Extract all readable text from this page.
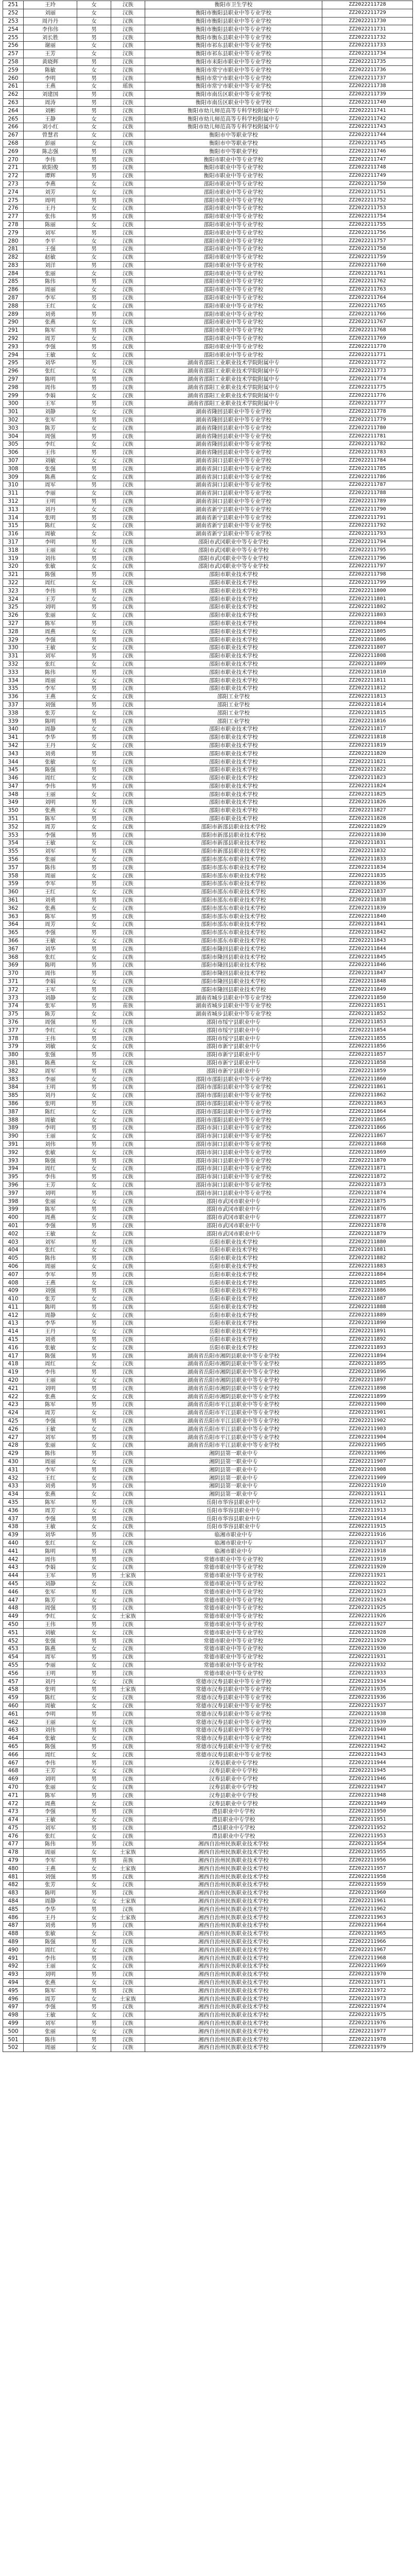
251	王玲	女	汉族	衡阳市卫生学校	ZZ2022211728
252	刘丽	女	汉族	衡阳市衡阳县职业中等专业学校	ZZ2022211729
253	周丹丹	女	汉族	衡阳市衡阳县职业中等专业学校	ZZ2022211730
254	李伟伟	男	汉族	衡阳市衡阳县职业中等专业学校	ZZ2022211731
255	刘长胜	男	汉族	衡阳市衡东县职业中等专业学校	ZZ2022211732
256	谢丽	女	汉族	衡阳市祁东县职业中等专业学校	ZZ2022211733
257	王芳	女	汉族	衡阳市祁东县职业中等专业学校	ZZ2022211734
258	黄晓辉	男	汉族	衡阳市耒阳市职业中等专业学校	ZZ2022211735
259	陈敏	女	汉族	衡阳市常宁市职业中等专业学校	ZZ2022211736
260	李明	男	汉族	衡阳市常宁市职业中等专业学校	ZZ2022211737
261	王燕	女	瑶族	衡阳市常宁市职业中等专业学校	ZZ2022211738
262	刘建国	男	汉族	衡阳市南岳区职业中等专业学校	ZZ2022211739
263	周涛	男	汉族	衡阳市南岳区职业中等专业学校	ZZ2022211740
264	刘彬	男	汉族	衡阳市幼儿师范高等专科学校附属中专	ZZ2022211741
265	王静	女	汉族	衡阳市幼儿师范高等专科学校附属中专	ZZ2022211742
266	刘小红	女	汉族	衡阳市幼儿师范高等专科学校附属中专	ZZ2022211743
267	曾慧君	女	汉族	衡阳市中等职业学校	ZZ2022211744
268	彭丽	女	汉族	衡阳市中等职业学校	ZZ2022211745
269	陈志强	男	汉族	衡阳市中等职业学校	ZZ2022211746
270	李伟	男	汉族	衡阳市职业中等专业学校	ZZ2022211747
271	欧阳俊	男	汉族	衡阳市职业中等专业学校	ZZ2022211748
272	谭辉	男	汉族	衡阳市职业中等专业学校	ZZ2022211749
273	李燕	女	汉族	邵阳市职业中等专业学校	ZZ2022211750
274	刘芳	女	汉族	邵阳市职业中等专业学校	ZZ2022211751
275	周明	男	汉族	邵阳市职业中等专业学校	ZZ2022211752
276	王丹	女	汉族	邵阳市职业中等专业学校	ZZ2022211753
277	张伟	男	汉族	邵阳市职业中等专业学校	ZZ2022211754
278	陈丽	女	汉族	邵阳市职业中等专业学校	ZZ2022211755
279	刘军	男	汉族	邵阳市职业中等专业学校	ZZ2022211756
280	李平	女	汉族	邵阳市职业中等专业学校	ZZ2022211757
281	王强	男	汉族	邵阳市职业中等专业学校	ZZ2022211758
282	赵敏	女	汉族	邵阳市职业中等专业学校	ZZ2022211759
283	刘洋	男	汉族	邵阳市职业中等专业学校	ZZ2022211760
284	张丽	女	汉族	邵阳市职业中等专业学校	ZZ2022211761
285	陈伟	男	汉族	邵阳市职业中等专业学校	ZZ2022211762
286	周丽	女	汉族	邵阳市职业中等专业学校	ZZ2022211763
287	李军	男	汉族	邵阳市职业中等专业学校	ZZ2022211764
288	王红	女	汉族	邵阳市职业中等专业学校	ZZ2022211765
289	刘勇	男	汉族	邵阳市职业中等专业学校	ZZ2022211766
290	张燕	女	汉族	邵阳市职业中等专业学校	ZZ2022211767
291	陈军	男	汉族	邵阳市职业中等专业学校	ZZ2022211768
292	周芳	女	汉族	邵阳市职业中等专业学校	ZZ2022211769
293	李强	男	汉族	邵阳市职业中等专业学校	ZZ2022211770
294	王敏	女	汉族	邵阳市职业中等专业学校	ZZ2022211771
295	刘华	男	汉族	湖南省邵阳工业职业技术学院附属中专	ZZ2022211772
296	张红	女	汉族	湖南省邵阳工业职业技术学院附属中专	ZZ2022211773
297	陈明	男	汉族	湖南省邵阳工业职业技术学院附属中专	ZZ2022211774
298	周伟	男	汉族	湖南省邵阳工业职业技术学院附属中专	ZZ2022211775
299	李娟	女	汉族	湖南省邵阳工业职业技术学院附属中专	ZZ2022211776
300	王军	男	汉族	湖南省邵阳工业职业技术学院附属中专	ZZ2022211777
301	刘静	女	汉族	湖南省隆回县职业中等专业学校	ZZ2022211778
302	张军	男	汉族	湖南省隆回县职业中等专业学校	ZZ2022211779
303	陈芳	女	汉族	湖南省隆回县职业中等专业学校	ZZ2022211780
304	周强	男	汉族	湖南省隆回县职业中等专业学校	ZZ2022211781
305	李红	女	汉族	湖南省隆回县职业中等专业学校	ZZ2022211782
306	王伟	男	汉族	湖南省隆回县职业中等专业学校	ZZ2022211783
307	刘敏	女	汉族	湖南省洞口县职业中等专业学校	ZZ2022211784
308	张强	男	汉族	湖南省洞口县职业中等专业学校	ZZ2022211785
309	陈燕	女	汉族	湖南省洞口县职业中等专业学校	ZZ2022211786
310	周军	男	汉族	湖南省洞口县职业中等专业学校	ZZ2022211787
311	李丽	女	汉族	湖南省洞口县职业中等专业学校	ZZ2022211788
312	王明	男	汉族	湖南省洞口县职业中等专业学校	ZZ2022211789
313	刘丹	女	汉族	湖南省新宁县职业中等专业学校	ZZ2022211790
314	张明	男	汉族	湖南省新宁县职业中等专业学校	ZZ2022211791
315	陈红	女	汉族	湖南省新宁县职业中等专业学校	ZZ2022211792
316	周敏	女	汉族	湖南省新宁县职业中等专业学校	ZZ2022211793
317	李明	男	汉族	邵阳市武冈职业中等专业学校	ZZ2022211794
318	王丽	女	汉族	邵阳市武冈职业中等专业学校	ZZ2022211795
319	刘伟	男	汉族	邵阳市武冈职业中等专业学校	ZZ2022211796
320	张敏	女	汉族	邵阳市武冈职业中等专业学校	ZZ2022211797
321	陈强	男	汉族	邵阳市职业技术学校	ZZ2022211798
322	周红	女	汉族	邵阳市职业技术学校	ZZ2022211799
323	李伟	男	汉族	邵阳市职业技术学校	ZZ2022211800
324	王芳	女	汉族	邵阳市职业技术学校	ZZ2022211801
325	刘明	男	汉族	邵阳市职业技术学校	ZZ2022211802
326	张丽	女	汉族	邵阳市职业技术学校	ZZ2022211803
327	陈军	男	汉族	邵阳市职业技术学校	ZZ2022211804
328	周燕	女	汉族	邵阳市职业技术学校	ZZ2022211805
329	李强	男	汉族	邵阳市职业技术学校	ZZ2022211806
330	王敏	女	汉族	邵阳市职业技术学校	ZZ2022211807
331	刘军	男	汉族	邵阳市职业技术学校	ZZ2022211808
332	张红	女	汉族	邵阳市职业技术学校	ZZ2022211809
333	陈伟	男	汉族	邵阳市职业技术学校	ZZ2022211810
334	周丽	女	汉族	邵阳市职业技术学校	ZZ2022211811
335	李军	男	汉族	邵阳市职业技术学校	ZZ2022211812
336	王燕	女	汉族	邵阳工业学校	ZZ2022211813
337	刘强	男	汉族	邵阳工业学校	ZZ2022211814
338	张芳	女	汉族	邵阳工业学校	ZZ2022211815
339	陈明	男	汉族	邵阳工业学校	ZZ2022211816
340	周静	女	汉族	邵阳市职业技术学校	ZZ2022211817
341	李华	男	汉族	邵阳市职业技术学校	ZZ2022211818
342	王丹	女	汉族	邵阳市职业技术学校	ZZ2022211819
343	刘勇	男	汉族	邵阳市职业技术学校	ZZ2022211820
344	张敏	女	汉族	邵阳市职业技术学校	ZZ2022211821
345	陈强	男	汉族	邵阳市职业技术学校	ZZ2022211822
346	周红	女	汉族	邵阳市职业技术学校	ZZ2022211823
347	李伟	男	汉族	邵阳市职业技术学校	ZZ2022211824
348	王丽	女	汉族	邵阳市职业技术学校	ZZ2022211825
349	刘明	男	汉族	邵阳市职业技术学校	ZZ2022211826
350	张燕	女	汉族	邵阳市职业技术学校	ZZ2022211827
351	陈军	男	汉族	邵阳市职业技术学校	ZZ2022211828
352	周芳	女	汉族	邵阳市新邵县职业技术学校	ZZ2022211829
353	李强	男	汉族	邵阳市新邵县职业技术学校	ZZ2022211830
354	王敏	女	汉族	邵阳市新邵县职业技术学校	ZZ2022211831
355	刘军	男	汉族	邵阳市新邵县职业技术学校	ZZ2022211832
356	张丽	女	汉族	邵阳市邵东市职业技术学校	ZZ2022211833
357	陈伟	男	汉族	邵阳市邵东市职业技术学校	ZZ2022211834
358	周丽	女	汉族	邵阳市邵东市职业技术学校	ZZ2022211835
359	李军	男	汉族	邵阳市邵东市职业技术学校	ZZ2022211836
360	王红	女	汉族	邵阳市邵东市职业技术学校	ZZ2022211837
361	刘勇	男	汉族	邵阳市邵东市职业技术学校	ZZ2022211838
362	张燕	女	汉族	邵阳市邵东市职业技术学校	ZZ2022211839
363	陈军	男	汉族	邵阳市邵东市职业技术学校	ZZ2022211840
364	周芳	女	汉族	邵阳市邵东市职业技术学校	ZZ2022211841
365	李强	男	汉族	邵阳市邵东市职业技术学校	ZZ2022211842
366	王敏	女	汉族	邵阳市邵东市职业技术学校	ZZ2022211843
367	刘华	男	汉族	邵阳市隆回县职业技术学校	ZZ2022211844
368	张红	女	汉族	邵阳市隆回县职业技术学校	ZZ2022211845
369	陈明	男	汉族	邵阳市隆回县职业技术学校	ZZ2022211846
370	周伟	男	汉族	邵阳市隆回县职业技术学校	ZZ2022211847
371	李娟	女	汉族	邵阳市隆回县职业技术学校	ZZ2022211848
372	王军	男	汉族	邵阳市隆回县职业技术学校	ZZ2022211849
373	刘静	女	汉族	湖南省城步县职业中等专业学校	ZZ2022211850
374	张军	男	苗族	湖南省城步县职业中等专业学校	ZZ2022211851
375	陈芳	女	汉族	湖南省城步县职业中等专业学校	ZZ2022211852
376	周强	男	汉族	邵阳市绥宁县职业中专	ZZ2022211853
377	李红	女	汉族	邵阳市绥宁县职业中专	ZZ2022211854
378	王伟	男	汉族	邵阳市绥宁县职业中专	ZZ2022211855
379	刘敏	女	汉族	邵阳市新宁县职业中专	ZZ2022211856
380	张强	男	汉族	邵阳市新宁县职业中专	ZZ2022211857
381	陈燕	女	汉族	邵阳市新宁县职业中专	ZZ2022211858
382	周军	男	汉族	邵阳市新宁县职业中专	ZZ2022211859
383	李丽	女	汉族	邵阳市邵阳县职业中等专业学校	ZZ2022211860
384	王明	男	汉族	邵阳市邵阳县职业中等专业学校	ZZ2022211861
385	刘丹	女	汉族	邵阳市邵阳县职业中等专业学校	ZZ2022211862
386	张明	男	汉族	邵阳市邵阳县职业中等专业学校	ZZ2022211863
387	陈红	女	汉族	邵阳市邵阳县职业中等专业学校	ZZ2022211864
388	周敏	女	汉族	邵阳市邵阳县职业中等专业学校	ZZ2022211865
389	李明	男	汉族	邵阳市洞口县职业中等专业学校	ZZ2022211866
390	王丽	女	汉族	邵阳市洞口县职业中等专业学校	ZZ2022211867
391	刘伟	男	汉族	邵阳市洞口县职业中等专业学校	ZZ2022211868
392	张敏	女	汉族	邵阳市洞口县职业中等专业学校	ZZ2022211869
393	陈强	男	汉族	邵阳市洞口县职业中等专业学校	ZZ2022211870
394	周红	女	汉族	邵阳市洞口县职业中等专业学校	ZZ2022211871
395	李伟	男	汉族	邵阳市洞口县职业中等专业学校	ZZ2022211872
396	王芳	女	汉族	邵阳市洞口县职业中等专业学校	ZZ2022211873
397	刘明	男	汉族	邵阳市洞口县职业中等专业学校	ZZ2022211874
398	张丽	女	汉族	邵阳市武冈市职业中专	ZZ2022211875
399	陈军	男	汉族	邵阳市武冈市职业中专	ZZ2022211876
400	周燕	女	汉族	邵阳市武冈市职业中专	ZZ2022211877
401	李强	男	汉族	邵阳市武冈市职业中专	ZZ2022211878
402	王敏	女	汉族	邵阳市武冈市职业中专	ZZ2022211879
403	刘军	男	汉族	岳阳市职业技术学校	ZZ2022211880
404	张红	女	汉族	岳阳市职业技术学校	ZZ2022211881
405	陈伟	男	汉族	岳阳市职业技术学校	ZZ2022211882
406	周丽	女	汉族	岳阳市职业技术学校	ZZ2022211883
407	李军	男	汉族	岳阳市职业技术学校	ZZ2022211884
408	王燕	女	汉族	岳阳市职业技术学校	ZZ2022211885
409	刘强	男	汉族	岳阳市职业技术学校	ZZ2022211886
410	张芳	女	汉族	岳阳市职业技术学校	ZZ2022211887
411	陈明	男	汉族	岳阳市职业技术学校	ZZ2022211888
412	周静	女	汉族	岳阳市职业技术学校	ZZ2022211889
413	李华	男	汉族	岳阳市职业技术学校	ZZ2022211890
414	王丹	女	汉族	岳阳市职业技术学校	ZZ2022211891
415	刘勇	男	汉族	岳阳市职业技术学校	ZZ2022211892
416	张敏	女	汉族	岳阳市职业技术学校	ZZ2022211893
417	陈强	男	汉族	湖南省岳阳市湘阴县职业中等专业学校	ZZ2022211894
418	周红	女	汉族	湖南省岳阳市湘阴县职业中等专业学校	ZZ2022211895
419	李伟	男	汉族	湖南省岳阳市湘阴县职业中等专业学校	ZZ2022211896
420	王丽	女	汉族	湖南省岳阳市湘阴县职业中等专业学校	ZZ2022211897
421	刘明	男	汉族	湖南省岳阳市湘阴县职业中等专业学校	ZZ2022211898
422	张燕	女	汉族	湖南省岳阳市湘阴县职业中等专业学校	ZZ2022211899
423	陈军	男	汉族	湖南省岳阳市平江县职业中等专业学校	ZZ2022211900
424	周芳	女	汉族	湖南省岳阳市平江县职业中等专业学校	ZZ2022211901
425	李强	男	汉族	湖南省岳阳市平江县职业中等专业学校	ZZ2022211902
426	王敏	女	汉族	湖南省岳阳市平江县职业中等专业学校	ZZ2022211903
427	刘军	男	汉族	湖南省岳阳市平江县职业中等专业学校	ZZ2022211904
428	张丽	女	汉族	湖南省岳阳市平江县职业中等专业学校	ZZ2022211905
429	陈伟	男	汉族	湘阴县第一职业中专	ZZ2022211906
430	周丽	女	汉族	湘阴县第一职业中专	ZZ2022211907
431	李军	男	汉族	湘阴县第一职业中专	ZZ2022211908
432	王红	女	汉族	湘阴县第一职业中专	ZZ2022211909
433	刘勇	男	汉族	湘阴县第一职业中专	ZZ2022211910
434	张燕	女	汉族	湘阴县第一职业中专	ZZ2022211911
435	陈军	男	汉族	岳阳市华容县职业中专	ZZ2022211912
436	周芳	女	汉族	岳阳市华容县职业中专	ZZ2022211913
437	李强	男	汉族	岳阳市华容县职业中专	ZZ2022211914
438	王敏	女	汉族	岳阳市华容县职业中专	ZZ2022211915
439	刘华	男	汉族	临湘市职业中专	ZZ2022211916
440	张红	女	汉族	临湘市职业中专	ZZ2022211917
441	陈明	男	汉族	临湘市职业中专	ZZ2022211918
442	周伟	男	汉族	常德市职业中等专业学校	ZZ2022211919
443	李娟	女	汉族	常德市职业中等专业学校	ZZ2022211920
444	王军	男	土家族	常德市职业中等专业学校	ZZ2022211921
445	刘静	女	汉族	常德市职业中等专业学校	ZZ2022211922
446	张军	男	汉族	常德市职业中等专业学校	ZZ2022211923
447	陈芳	女	汉族	常德市职业中等专业学校	ZZ2022211924
448	周强	男	汉族	常德市职业中等专业学校	ZZ2022211925
449	李红	女	土家族	常德市职业中等专业学校	ZZ2022211926
450	王伟	男	汉族	常德市职业中等专业学校	ZZ2022211927
451	刘敏	女	汉族	常德市职业中等专业学校	ZZ2022211928
452	张强	男	汉族	常德市职业中等专业学校	ZZ2022211929
453	陈燕	女	汉族	常德市职业中等专业学校	ZZ2022211930
454	周军	男	汉族	常德市职业中等专业学校	ZZ2022211931
455	李丽	女	汉族	常德市职业中等专业学校	ZZ2022211932
456	王明	男	汉族	常德市职业中等专业学校	ZZ2022211933
457	刘丹	女	汉族	常德市汉寿县职业中等专业学校	ZZ2022211934
458	张明	男	土家族	常德市汉寿县职业中等专业学校	ZZ2022211935
459	陈红	女	汉族	常德市汉寿县职业中等专业学校	ZZ2022211936
460	周敏	女	汉族	常德市汉寿县职业中等专业学校	ZZ2022211937
461	李明	男	汉族	常德市汉寿县职业中等专业学校	ZZ2022211938
462	王丽	女	汉族	常德市汉寿县职业中等专业学校	ZZ2022211939
463	刘伟	男	汉族	常德市汉寿县职业中等专业学校	ZZ2022211940
464	张敏	女	汉族	常德市汉寿县职业中等专业学校	ZZ2022211941
465	陈强	男	汉族	常德市汉寿县职业中等专业学校	ZZ2022211942
466	周红	女	汉族	常德市汉寿县职业中等专业学校	ZZ2022211943
467	李伟	男	汉族	汉寿县职业中专学校	ZZ2022211944
468	王芳	女	汉族	汉寿县职业中专学校	ZZ2022211945
469	刘明	男	汉族	汉寿县职业中专学校	ZZ2022211946
470	张丽	女	汉族	汉寿县职业中专学校	ZZ2022211947
471	陈军	男	汉族	汉寿县职业中专学校	ZZ2022211948
472	周燕	女	汉族	汉寿县职业中专学校	ZZ2022211949
473	李强	男	汉族	澧县职业中专学校	ZZ2022211950
474	王敏	女	汉族	澧县职业中专学校	ZZ2022211951
475	刘军	男	汉族	澧县职业中专学校	ZZ2022211952
476	张红	女	汉族	澧县职业中专学校	ZZ2022211953
477	陈伟	男	汉族	湘西自治州民族职业技术学校	ZZ2022211954
478	周丽	女	土家族	湘西自治州民族职业技术学校	ZZ2022211955
479	李军	男	苗族	湘西自治州民族职业技术学校	ZZ2022211956
480	王燕	女	土家族	湘西自治州民族职业技术学校	ZZ2022211957
481	刘强	男	汉族	湘西自治州民族职业技术学校	ZZ2022211958
482	张芳	女	汉族	湘西自治州民族职业技术学校	ZZ2022211959
483	陈明	男	汉族	湘西自治州民族职业技术学校	ZZ2022211960
484	周静	女	土家族	湘西自治州民族职业技术学校	ZZ2022211961
485	李华	男	汉族	湘西自治州民族职业技术学校	ZZ2022211962
486	王丹	女	土家族	湘西自治州民族职业技术学校	ZZ2022211963
487	刘勇	男	汉族	湘西自治州民族职业技术学校	ZZ2022211964
488	张敏	女	汉族	湘西自治州民族职业技术学校	ZZ2022211965
489	陈强	男	汉族	湘西自治州民族职业技术学校	ZZ2022211966
490	周红	女	汉族	湘西自治州民族职业技术学校	ZZ2022211967
491	李伟	男	汉族	湘西自治州民族职业技术学校	ZZ2022211968
492	王丽	女	汉族	湘西自治州民族职业技术学校	ZZ2022211969
493	刘明	男	汉族	湘西自治州民族职业技术学校	ZZ2022211970
494	张燕	女	汉族	湘西自治州民族职业技术学校	ZZ2022211971
495	陈军	男	汉族	湘西自治州民族职业技术学校	ZZ2022211972
496	周芳	女	土家族	湘西自治州民族职业技术学校	ZZ2022211973
497	李强	男	汉族	湘西自治州民族职业技术学校	ZZ2022211974
498	王敏	女	汉族	湘西自治州民族职业技术学校	ZZ2022211975
499	刘军	男	汉族	湘西自治州民族职业技术学校	ZZ2022211976
500	张丽	女	汉族	湘西自治州民族职业技术学校	ZZ2022211977
501	陈伟	男	汉族	湘西自治州民族职业技术学校	ZZ2022211978
502	周丽	女	汉族	湘西自治州民族职业技术学校	ZZ2022211979
